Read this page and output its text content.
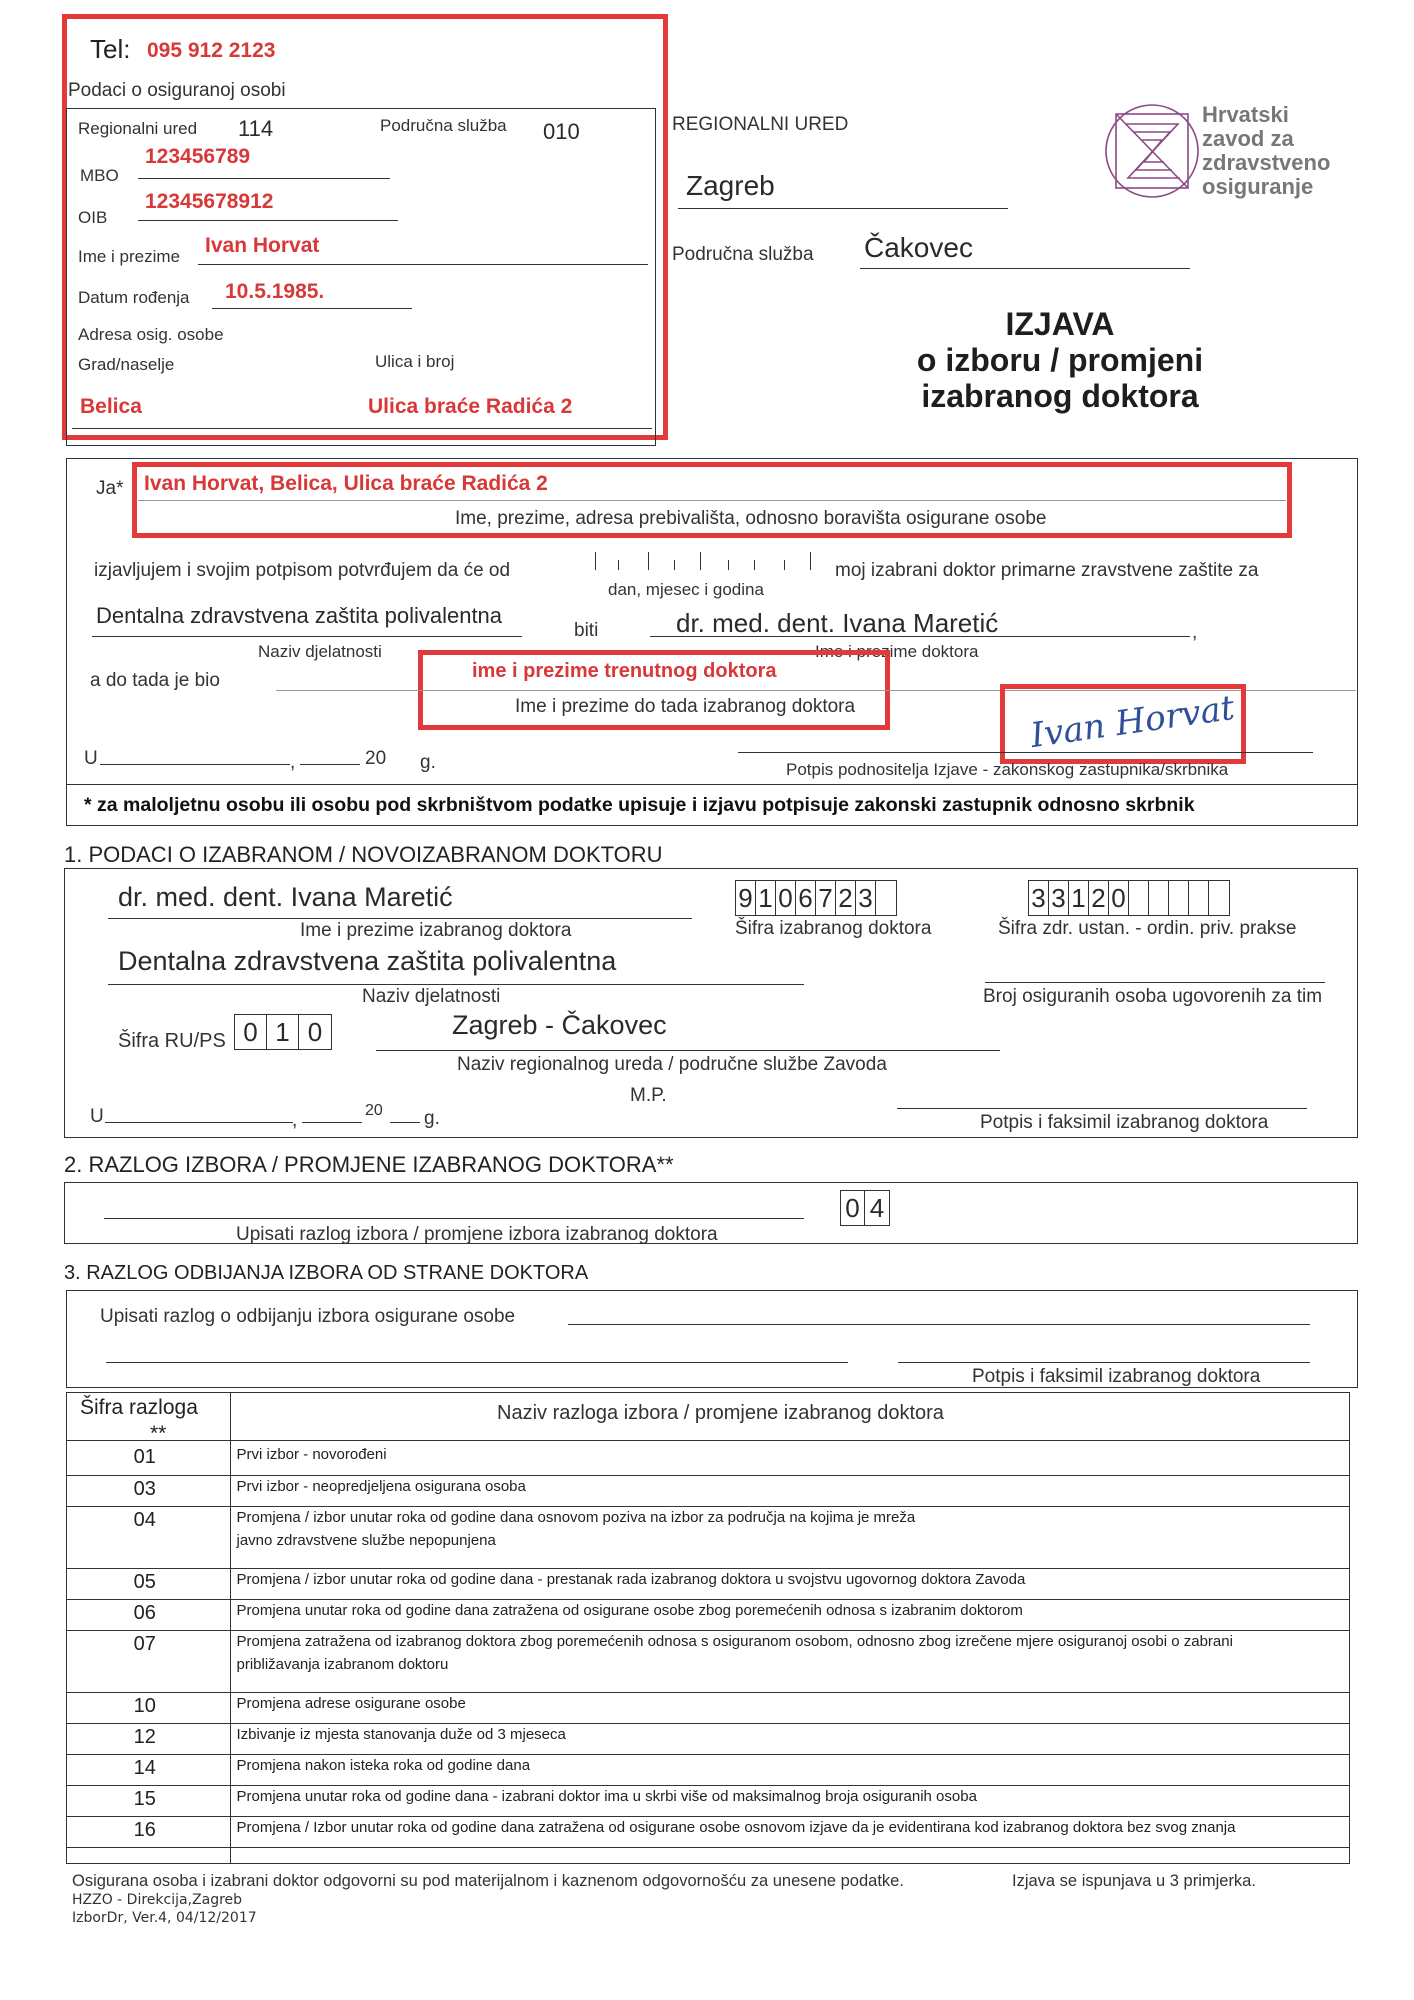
Tel: 095 912 2123
Podaci o osiguranoj osobi
Regionalni ured 114	Područna služba 010
123456789
MBO
12345678912
OIB
Ivan Horvat
Ime i prezime
10.5.1985.
Datum rođenja
Adresa osig. osobe
Grad/naselje	Ulica i broj
Belica	Ulica braće Radića 2
REGIONALNI URED
Zagreb
Područna služba Čakovec
Hrvatski
zavod za
zdravstveno
osiguranje
IZJAVA
o izboru / promjeni
izabranog doktora
Ja* Ivan Horvat, Belica, Ulica braće Radića 2
Ime, prezime, adresa prebivališta, odnosno boravišta osigurane osobe
izjavljujem i svojim potpisom potvrđujem da će od
dan, mjesec i godina
moj izabrani doktor primarne zravstvene zaštite za
Dentalna zdravstvena zaštita polivalentna
Naziv djelatnosti
biti	dr. med. dent. Ivana Maretić	,
Ime i prezime doktora
a do tada je bio	ime i prezime trenutnog doktora
Ime i prezime do tada izabranog doktora	Ivan Horvat
U	,	20 g.	Potpis podnositelja Izjave - zakonskog zastupnika/skrbnika
* za maloljetnu osobu ili osobu pod skrbništvom podatke upisuje i izjavu potpisuje zakonski zastupnik odnosno skrbnik
1. PODACI O IZABRANOM / NOVOIZABRANOM DOKTORU
dr. med. dent. Ivana Maretić
Ime i prezime izabranog doktora
9 1 0 6 7 2 3
Šifra izabranog doktora
3 3 1 2 0
Šifra zdr. ustan. - ordin. priv. prakse
Dentalna zdravstvena zaštita polivalentna
Naziv djelatnosti	Broj osiguranih osoba ugovorenih za tim
Šifra RU/PS 0 1 0	Zagreb - Čakovec
Naziv regionalnog ureda / područne službe Zavoda
M.P.
U	,	20 g.	Potpis i faksimil izabranog doktora
2. RAZLOG IZBORA / PROMJENE IZABRANOG DOKTORA**
Upisati razlog izbora / promjene izbora izabranog doktora
0 4
3. RAZLOG ODBIJANJA IZBORA OD STRANE DOKTORA
Upisati razlog o odbijanju izbora osigurane osobe
Potpis i faksimil izabranog doktora
Šifra razloga
**
Naziv razloga izbora / promjene izabranog doktora
01	Prvi izbor - novorođeni

03	Prvi izbor - neopredjeljena osigurana osoba

04	Promjena / izbor unutar roka od godine dana osnovom poziva na izbor za područja na kojima je mreža
javno zdravstvene službe nepopunjena

05	Promjena / izbor unutar roka od godine dana - prestanak rada izabranog doktora u svojstvu ugovornog doktora Zavoda

06	Promjena unutar roka od godine dana zatražena od osigurane osobe zbog poremećenih odnosa s izabranim doktorom

07	Promjena zatražena od izabranog doktora zbog poremećenih odnosa s osiguranom osobom, odnosno zbog izrečene mjere osiguranoj osobi o zabrani
približavanja izabranom doktoru

10	Promjena adrese osigurane osobe

12	Izbivanje iz mjesta stanovanja duže od 3 mjeseca

14	Promjena nakon isteka roka od godine dana

15	Promjena unutar roka od godine dana - izabrani doktor ima u skrbi više od maksimalnog broja osiguranih osoba

16	Promjena / Izbor unutar roka od godine dana zatražena od osigurane osobe osnovom izjave da je evidentirana kod izabranog doktora bez svog znanja
Osigurana osoba i izabrani doktor odgovorni su pod materijalnom i kaznenom odgovornošću za unesene podatke.	Izjava se ispunjava u 3 primjerka.
HZZO - Direkcija,Zagreb
IzborDr, Ver.4, 04/12/2017
